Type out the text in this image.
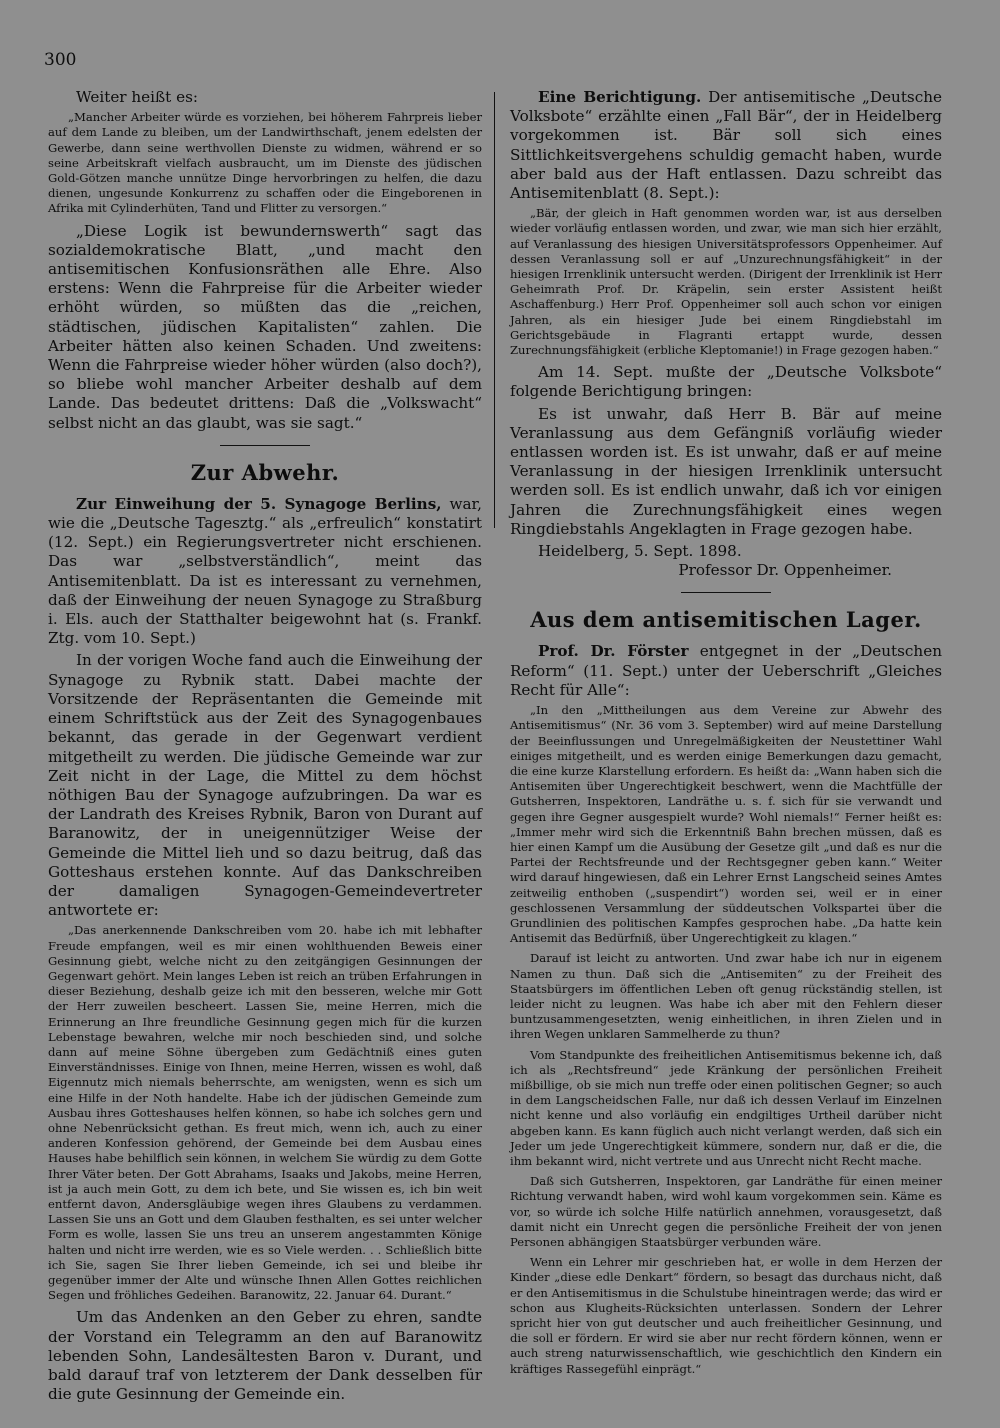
300

Weiter heißt es:

„Mancher Arbeiter würde es vorziehen, bei höherem Fahrpreis lieber auf dem Lande zu bleiben, um der Landwirthschaft, jenem edelsten der Gewerbe, dann seine werthvollen Dienste zu widmen, während er so seine Arbeitskraft vielfach ausbraucht, um im Dienste des jüdischen Gold-Götzen manche unnütze Dinge hervorbringen zu helfen, die dazu dienen, ungesunde Konkurrenz zu schaffen oder die Eingeborenen in Afrika mit Cylinderhüten, Tand und Flitter zu versorgen.“

„Diese Logik ist bewundernswerth“ sagt das sozialdemokratische Blatt, „und macht den antisemitischen Konfusionsräthen alle Ehre. Also erstens: Wenn die Fahrpreise für die Arbeiter wieder erhöht würden, so müßten das die „reichen, städtischen, jüdischen Kapitalisten“ zahlen. Die Arbeiter hätten also keinen Schaden. Und zweitens: Wenn die Fahrpreise wieder höher würden (also doch?), so bliebe wohl mancher Arbeiter deshalb auf dem Lande. Das bedeutet drittens: Daß die „Volkswacht“ selbst nicht an das glaubt, was sie sagt.“

Zur Abwehr.

Zur Einweihung der 5. Synagoge Berlins, war, wie die „Deutsche Tagesztg.“ als „erfreulich“ konstatirt (12. Sept.) ein Regierungsvertreter nicht erschienen. Das war „selbstverständlich“, meint das Antisemitenblatt. Da ist es interessant zu vernehmen, daß der Einweihung der neuen Synagoge zu Straßburg i. Els. auch der Statthalter beigewohnt hat (s. Frankf. Ztg. vom 10. Sept.)

In der vorigen Woche fand auch die Einweihung der Synagoge zu Rybnik statt. Dabei machte der Vorsitzende der Repräsentanten die Gemeinde mit einem Schriftstück aus der Zeit des Synagogenbaues bekannt, das gerade in der Gegenwart verdient mitgetheilt zu werden. Die jüdische Gemeinde war zur Zeit nicht in der Lage, die Mittel zu dem höchst nöthigen Bau der Synagoge aufzubringen. Da war es der Landrath des Kreises Rybnik, Baron von Durant auf Baranowitz, der in uneigennütziger Weise der Gemeinde die Mittel lieh und so dazu beitrug, daß das Gotteshaus erstehen konnte. Auf das Dankschreiben der damaligen Synagogen-Gemeindevertreter antwortete er:

„Das anerkennende Dankschreiben vom 20. habe ich mit lebhafter Freude empfangen, weil es mir einen wohlthuenden Beweis einer Gesinnung giebt, welche nicht zu den zeitgängigen Gesinnungen der Gegenwart gehört. Mein langes Leben ist reich an trüben Erfahrungen in dieser Beziehung, deshalb geize ich mit den besseren, welche mir Gott der Herr zuweilen bescheert. Lassen Sie, meine Herren, mich die Erinnerung an Ihre freundliche Gesinnung gegen mich für die kurzen Lebenstage bewahren, welche mir noch beschieden sind, und solche dann auf meine Söhne übergeben zum Gedächtniß eines guten Einverständnisses. Einige von Ihnen, meine Herren, wissen es wohl, daß Eigennutz mich niemals beherrschte, am wenigsten, wenn es sich um eine Hilfe in der Noth handelte. Habe ich der jüdischen Gemeinde zum Ausbau ihres Gotteshauses helfen können, so habe ich solches gern und ohne Nebenrücksicht gethan. Es freut mich, wenn ich, auch zu einer anderen Konfession gehörend, der Gemeinde bei dem Ausbau eines Hauses habe behilflich sein können, in welchem Sie würdig zu dem Gotte Ihrer Väter beten. Der Gott Abrahams, Isaaks und Jakobs, meine Herren, ist ja auch mein Gott, zu dem ich bete, und Sie wissen es, ich bin weit entfernt davon, Andersgläubige wegen ihres Glaubens zu verdammen. Lassen Sie uns an Gott und dem Glauben festhalten, es sei unter welcher Form es wolle, lassen Sie uns treu an unserem angestammten Könige halten und nicht irre werden, wie es so Viele werden. . . Schließlich bitte ich Sie, sagen Sie Ihrer lieben Gemeinde, ich sei und bleibe ihr gegenüber immer der Alte und wünsche Ihnen Allen Gottes reichlichen Segen und fröhliches Gedeihen. Baranowitz, 22. Januar 64. Durant.“

Um das Andenken an den Geber zu ehren, sandte der Vorstand ein Telegramm an den auf Baranowitz lebenden Sohn, Landesältesten Baron v. Durant, und bald darauf traf von letzterem der Dank desselben für die gute Gesinnung der Gemeinde ein.

Eine Berichtigung. Der antisemitische „Deutsche Volksbote“ erzählte einen „Fall Bär“, der in Heidelberg vorgekommen ist. Bär soll sich eines Sittlichkeitsvergehens schuldig gemacht haben, wurde aber bald aus der Haft entlassen. Dazu schreibt das Antisemitenblatt (8. Sept.):

„Bär, der gleich in Haft genommen worden war, ist aus derselben wieder vorläufig entlassen worden, und zwar, wie man sich hier erzählt, auf Veranlassung des hiesigen Universitätsprofessors Oppenheimer. Auf dessen Veranlassung soll er auf „Unzurechnungsfähigkeit“ in der hiesigen Irrenklinik untersucht werden. (Dirigent der Irrenklinik ist Herr Geheimrath Prof. Dr. Kräpelin, sein erster Assistent heißt Aschaffenburg.) Herr Prof. Oppenheimer soll auch schon vor einigen Jahren, als ein hiesiger Jude bei einem Ringdiebstahl im Gerichtsgebäude in Flagranti ertappt wurde, dessen Zurechnungsfähigkeit (erbliche Kleptomanie!) in Frage gezogen haben.“

Am 14. Sept. mußte der „Deutsche Volksbote“ folgende Berichtigung bringen:

Es ist unwahr, daß Herr B. Bär auf meine Veranlassung aus dem Gefängniß vorläufig wieder entlassen worden ist. Es ist unwahr, daß er auf meine Veranlassung in der hiesigen Irrenklinik untersucht werden soll. Es ist endlich unwahr, daß ich vor einigen Jahren die Zurechnungsfähigkeit eines wegen Ringdiebstahls Angeklagten in Frage gezogen habe.

Heidelberg, 5. Sept. 1898.
Professor Dr. Oppenheimer.
Aus dem antisemitischen Lager.

Prof. Dr. Förster entgegnet in der „Deutschen Reform“ (11. Sept.) unter der Ueberschrift „Gleiches Recht für Alle“:

„In den „Mittheilungen aus dem Vereine zur Abwehr des Antisemitismus“ (Nr. 36 vom 3. September) wird auf meine Darstellung der Beeinflussungen und Unregelmäßigkeiten der Neustettiner Wahl einiges mitgetheilt, und es werden einige Bemerkungen dazu gemacht, die eine kurze Klarstellung erfordern. Es heißt da: „Wann haben sich die Antisemiten über Ungerechtigkeit beschwert, wenn die Machtfülle der Gutsherren, Inspektoren, Landräthe u. s. f. sich für sie verwandt und gegen ihre Gegner ausgespielt wurde? Wohl niemals!“ Ferner heißt es: „Immer mehr wird sich die Erkenntniß Bahn brechen müssen, daß es hier einen Kampf um die Ausübung der Gesetze gilt „und daß es nur die Partei der Rechtsfreunde und der Rechtsgegner geben kann.“ Weiter wird darauf hingewiesen, daß ein Lehrer Ernst Langscheid seines Amtes zeitweilig enthoben („suspendirt“) worden sei, weil er in einer geschlossenen Versammlung der süddeutschen Volkspartei über die Grundlinien des politischen Kampfes gesprochen habe. „Da hatte kein Antisemit das Bedürfniß, über Ungerechtigkeit zu klagen.“

Darauf ist leicht zu antworten. Und zwar habe ich nur in eigenem Namen zu thun. Daß sich die „Antisemiten“ zu der Freiheit des Staatsbürgers im öffentlichen Leben oft genug rückständig stellen, ist leider nicht zu leugnen. Was habe ich aber mit den Fehlern dieser buntzusammengesetzten, wenig einheitlichen, in ihren Zielen und in ihren Wegen unklaren Sammelherde zu thun?

Vom Standpunkte des freiheitlichen Antisemitismus bekenne ich, daß ich als „Rechtsfreund“ jede Kränkung der persönlichen Freiheit mißbillige, ob sie mich nun treffe oder einen politischen Gegner; so auch in dem Langscheidschen Falle, nur daß ich dessen Verlauf im Einzelnen nicht kenne und also vorläufig ein endgiltiges Urtheil darüber nicht abgeben kann. Es kann füglich auch nicht verlangt werden, daß sich ein Jeder um jede Ungerechtigkeit kümmere, sondern nur, daß er die, die ihm bekannt wird, nicht vertrete und aus Unrecht nicht Recht mache.

Daß sich Gutsherren, Inspektoren, gar Landräthe für einen meiner Richtung verwandt haben, wird wohl kaum vorgekommen sein. Käme es vor, so würde ich solche Hilfe natürlich annehmen, vorausgesetzt, daß damit nicht ein Unrecht gegen die persönliche Freiheit der von jenen Personen abhängigen Staatsbürger verbunden wäre.

Wenn ein Lehrer mir geschrieben hat, er wolle in dem Herzen der Kinder „diese edle Denkart“ fördern, so besagt das durchaus nicht, daß er den Antisemitismus in die Schulstube hineintragen werde; das wird er schon aus Klugheits-Rücksichten unterlassen. Sondern der Lehrer spricht hier von gut deutscher und auch freiheitlicher Gesinnung, und die soll er fördern. Er wird sie aber nur recht fördern können, wenn er auch streng naturwissenschaftlich, wie geschichtlich den Kindern ein kräftiges Rassegefühl einprägt.“
